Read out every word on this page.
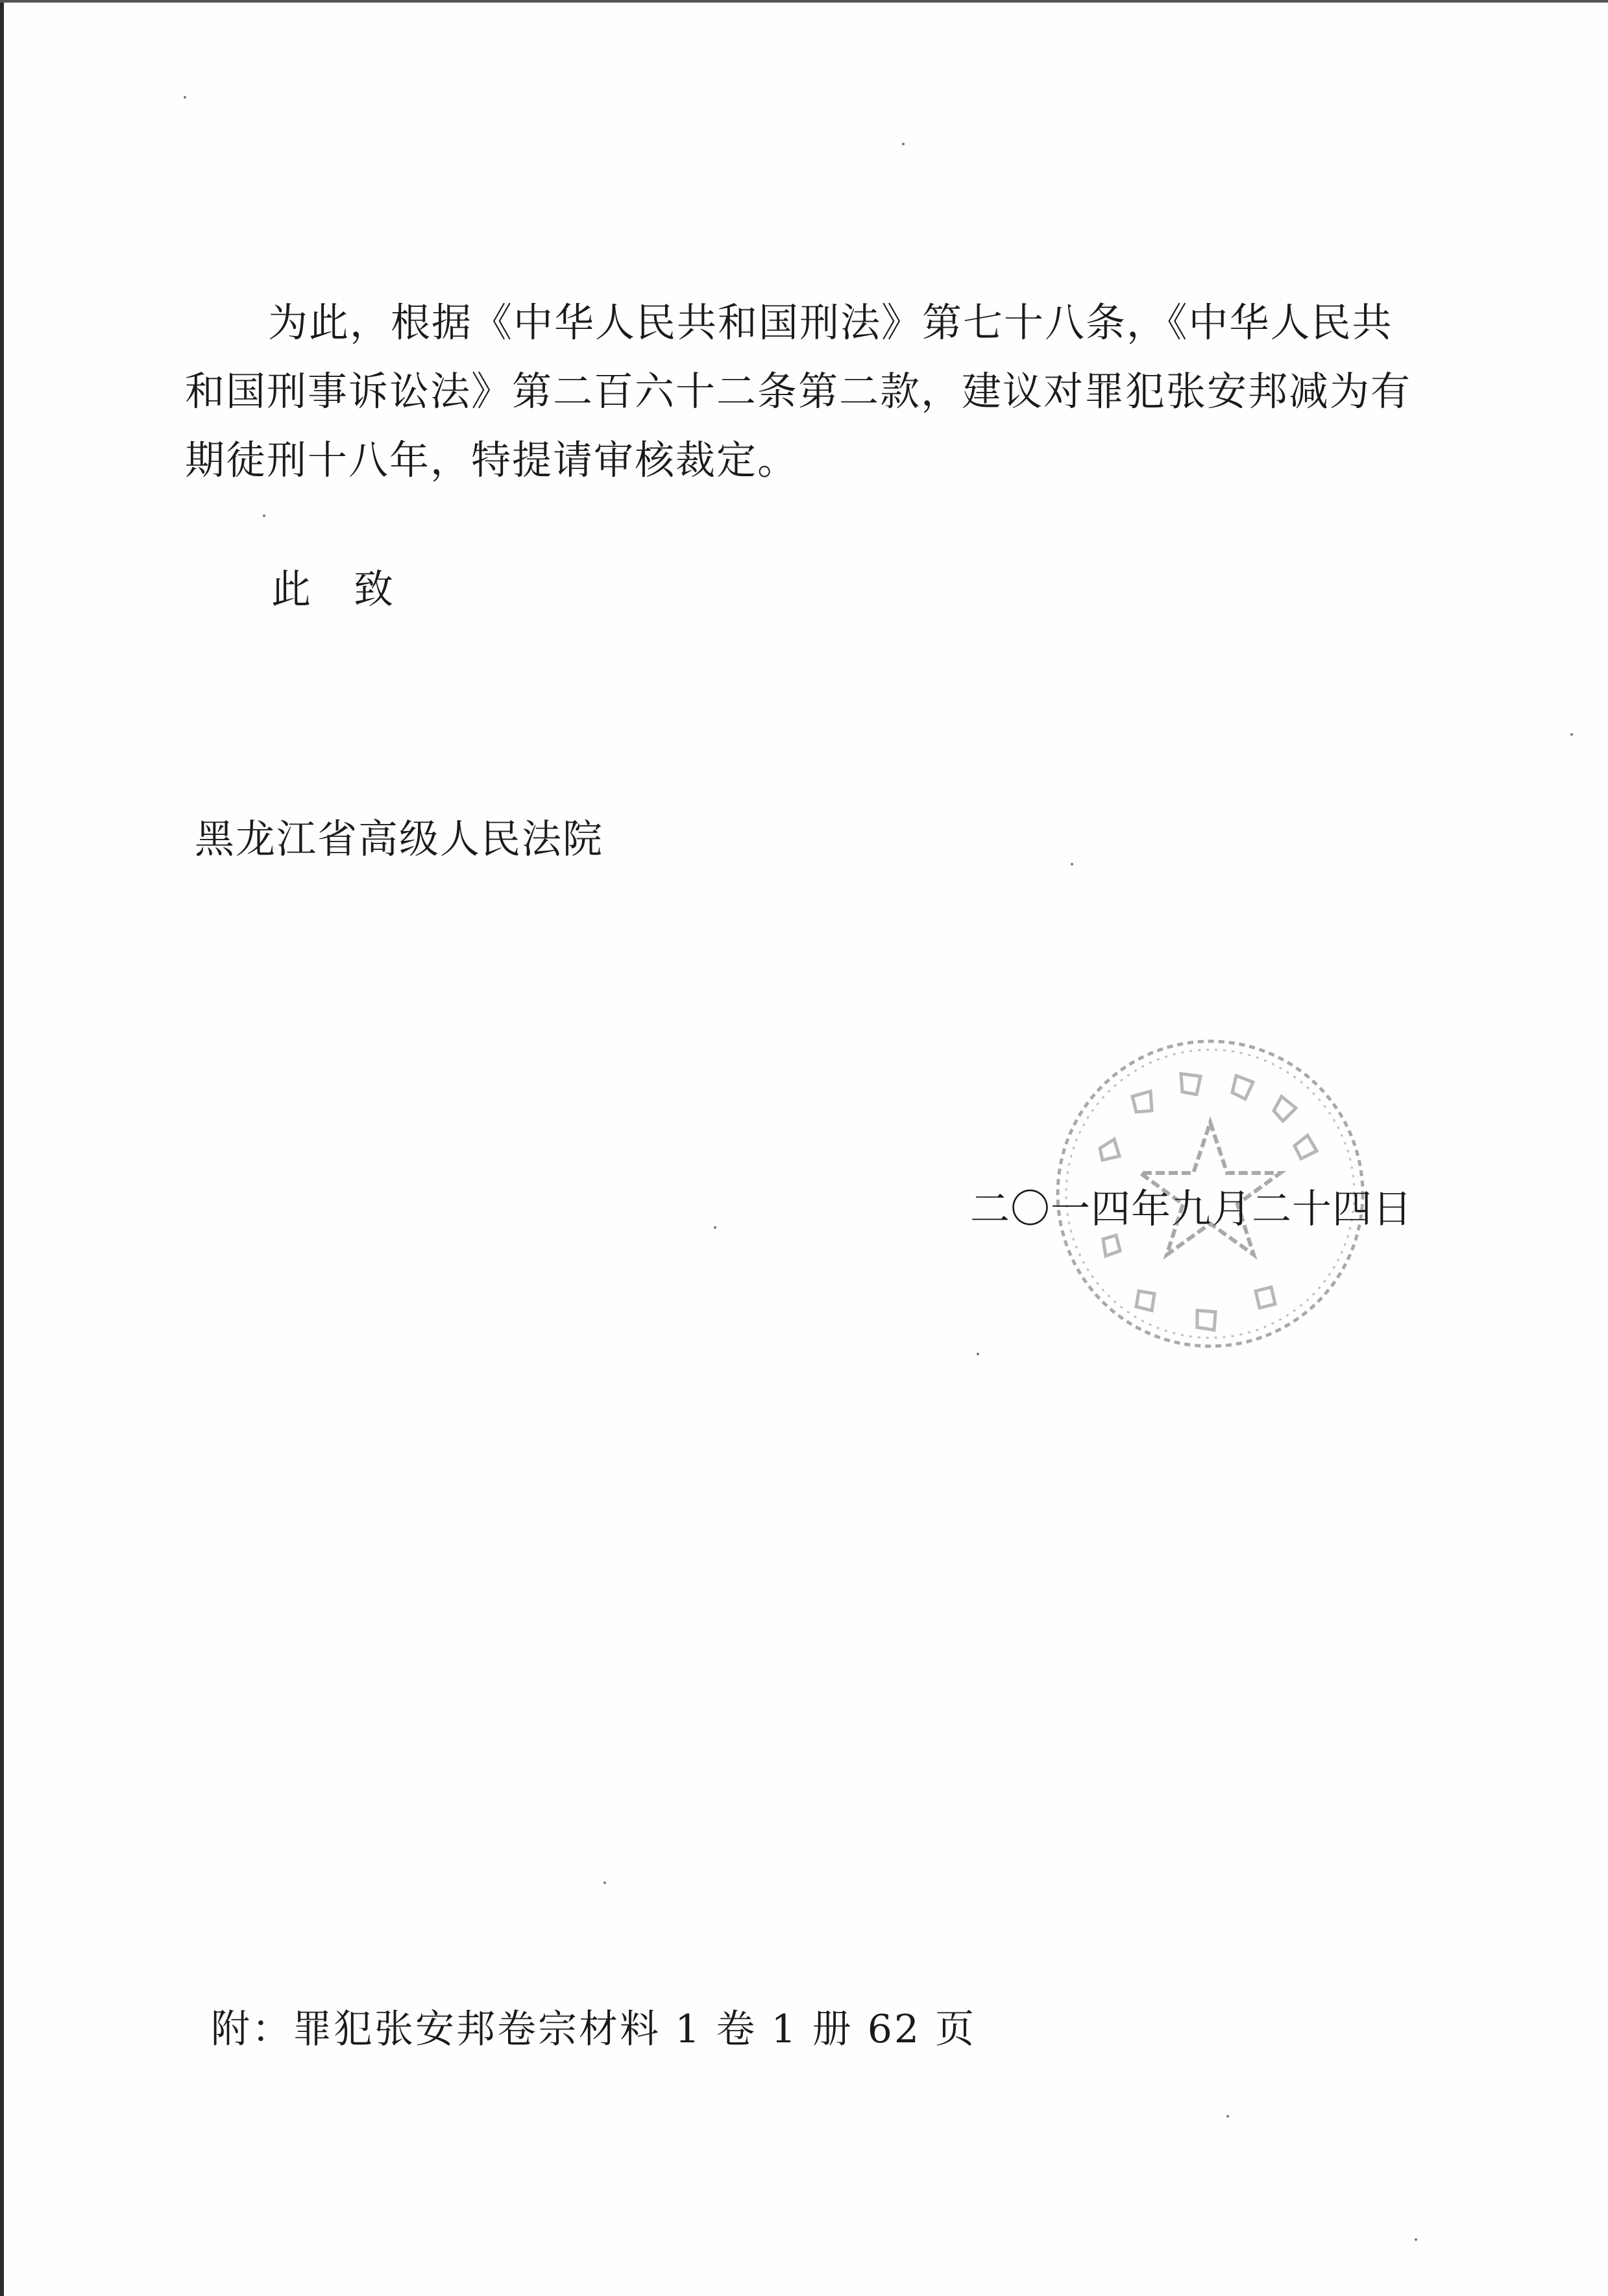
为此，根据《中华人民共和国刑法》第七十八条，《中华人民共和国刑事诉讼法》第二百六十二条第二款，建议对罪犯张安邦减为有期徒刑十八年，特提请审核裁定。

此 致

黑龙江省高级人民法院

二〇一四年九月二十四日

附：罪犯张安邦卷宗材料 1 卷 1 册 62 页
